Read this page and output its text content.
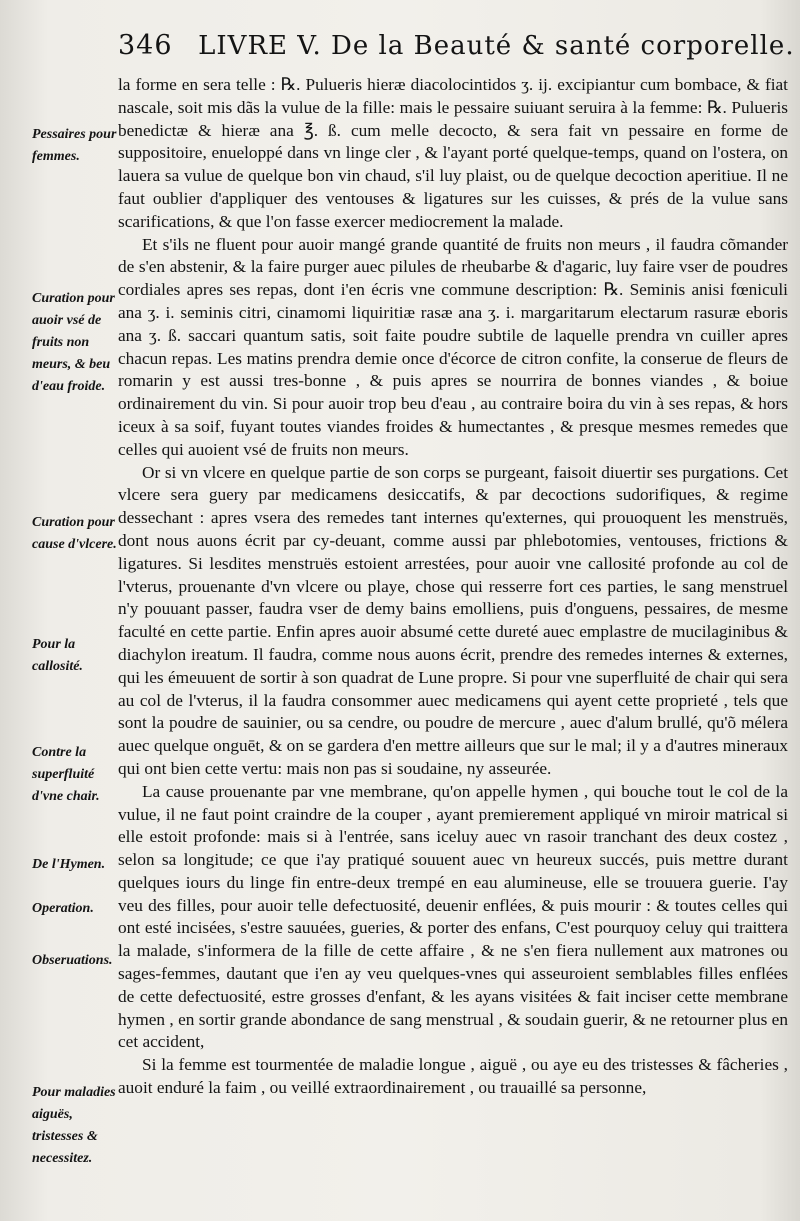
346 LIVRE V. De la Beauté & santé corporelle.
Pessaires pour femmes.
Curation pour auoir vsé de fruits non meurs, & beu d'eau froide.
Curation pour cause d'vlcere.
Pour la callosité.
Contre la superfluité d'vne chair.
De l'Hymen.
Operation.
Obseruations.
Pour maladies aiguës, tristesses & necessitez.

la forme en sera telle : ℞. Pulueris hieræ diacolocintidos ʒ. ij. excipiantur cum bombace, & fiat nascale, soit mis dãs la vulue de la fille: mais le pessaire suiuant seruira à la femme: ℞. Pulueris benedictæ & hieræ ana ℥. ß. cum melle decocto, & sera fait vn pessaire en forme de suppositoire, enueloppé dans vn linge cler , & l'ayant porté quelque-temps, quand on l'ostera, on lauera sa vulue de quelque bon vin chaud, s'il luy plaist, ou de quelque decoction aperitiue. Il ne faut oublier d'appliquer des ventouses & ligatures sur les cuisses, & prés de la vulue sans scarifications, & que l'on fasse exercer mediocrement la malade.

Et s'ils ne fluent pour auoir mangé grande quantité de fruits non meurs , il faudra cõmander de s'en abstenir, & la faire purger auec pilules de rheubarbe & d'agaric, luy faire vser de poudres cordiales apres ses repas, dont i'en écris vne commune description: ℞. Seminis anisi fœniculi ana ʒ. i. seminis citri, cinamomi liquiritiæ rasæ ana ʒ. i. margaritarum electarum rasuræ eboris ana ʒ. ß. saccari quantum satis, soit faite poudre subtile de laquelle prendra vn cuiller apres chacun repas. Les matins prendra demie once d'écorce de citron confite, la conserue de fleurs de romarin y est aussi tres-bonne , & puis apres se nourrira de bonnes viandes , & boiue ordinairement du vin. Si pour auoir trop beu d'eau , au contraire boira du vin à ses repas, & hors iceux à sa soif, fuyant toutes viandes froides & humectantes , & presque mesmes remedes que celles qui auoient vsé de fruits non meurs.

Or si vn vlcere en quelque partie de son corps se purgeant, faisoit diuertir ses purgations. Cet vlcere sera guery par medicamens desiccatifs, & par decoctions sudorifiques, & regime dessechant : apres vsera des remedes tant internes qu'externes, qui prouoquent les menstruës, dont nous auons écrit par cy-deuant, comme aussi par phlebotomies, ventouses, frictions & ligatures. Si lesdites menstruës estoient arrestées, pour auoir vne callosité profonde au col de l'vterus, prouenante d'vn vlcere ou playe, chose qui resserre fort ces parties, le sang menstruel n'y pouuant passer, faudra vser de demy bains emolliens, puis d'onguens, pessaires, de mesme faculté en cette partie. Enfin apres auoir absumé cette dureté auec emplastre de mucilaginibus & diachylon ireatum. Il faudra, comme nous auons écrit, prendre des remedes internes & externes, qui les émeuuent de sortir à son quadrat de Lune propre. Si pour vne superfluité de chair qui sera au col de l'vterus, il la faudra consommer auec medicamens qui ayent cette proprieté , tels que sont la poudre de sauinier, ou sa cendre, ou poudre de mercure , auec d'alum brullé, qu'õ mélera auec quelque onguēt, & on se gardera d'en mettre ailleurs que sur le mal; il y a d'autres mineraux qui ont bien cette vertu: mais non pas si soudaine, ny asseurée.

La cause prouenante par vne membrane, qu'on appelle hymen , qui bouche tout le col de la vulue, il ne faut point craindre de la couper , ayant premierement appliqué vn miroir matrical si elle estoit profonde: mais si à l'entrée, sans iceluy auec vn rasoir tranchant des deux costez , selon sa longitude; ce que i'ay pratiqué souuent auec vn heureux succés, puis mettre durant quelques iours du linge fin entre-deux trempé en eau alumineuse, elle se trouuera guerie. I'ay veu des filles, pour auoir telle defectuosité, deuenir enflées, & puis mourir : & toutes celles qui ont esté incisées, s'estre sauuées, gueries, & porter des enfans, C'est pourquoy celuy qui traittera la malade, s'informera de la fille de cette affaire , & ne s'en fiera nullement aux matrones ou sages-femmes, dautant que i'en ay veu quelques-vnes qui asseuroient semblables filles enflées de cette defectuosité, estre grosses d'enfant, & les ayans visitées & fait inciser cette membrane hymen , en sortir grande abondance de sang menstrual , & soudain guerir, & ne retourner plus en cet accident,

Si la femme est tourmentée de maladie longue , aiguë , ou aye eu des tristesses & fâcheries , auoit enduré la faim , ou veillé extraordinairement , ou trauaillé sa personne,
